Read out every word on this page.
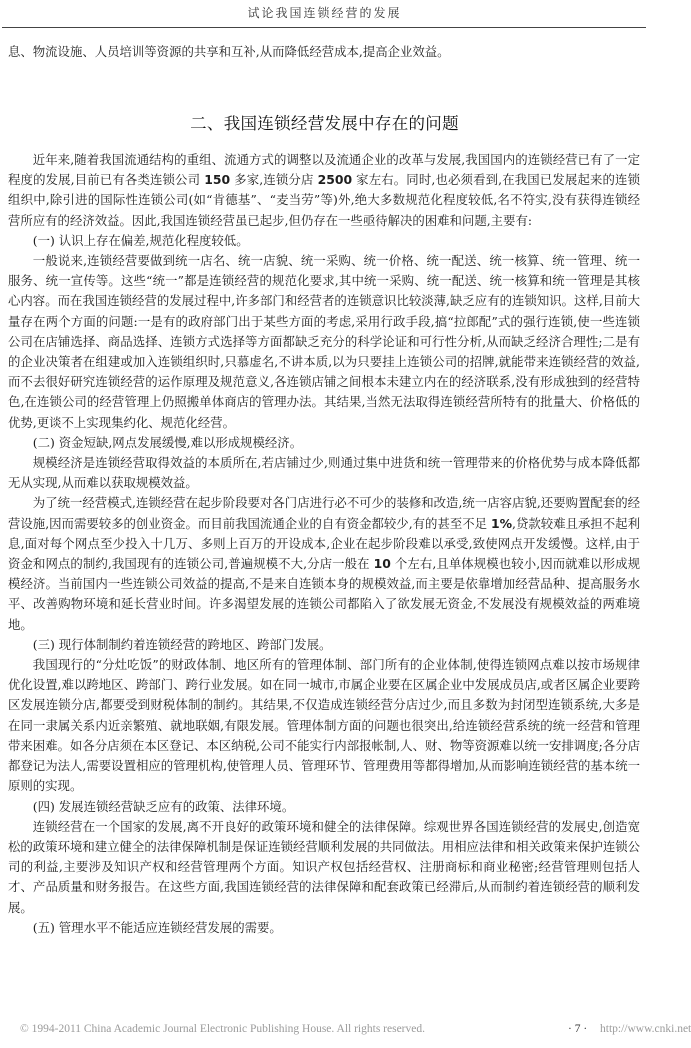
试论我国连锁经营的发展
息、物流设施、人员培训等资源的共享和互补,从而降低经营成本,提高企业效益。
二、我国连锁经营发展中存在的问题

近年来,随着我国流通结构的重组、流通方式的调整以及流通企业的改革与发展,我国国内的连锁经营已有了一定程度的发展,目前已有各类连锁公司 150 多家,连锁分店 2500 家左右。同时,也必须看到,在我国已发展起来的连锁组织中,除引进的国际性连锁公司(如“肯德基”、“麦当劳”等)外,绝大多数规范化程度较低,名不符实,没有获得连锁经营所应有的经济效益。因此,我国连锁经营虽已起步,但仍存在一些亟待解决的困难和问题,主要有:

(一) 认识上存在偏差,规范化程度较低。

一般说来,连锁经营要做到统一店名、统一店貌、统一采购、统一价格、统一配送、统一核算、统一管理、统一服务、统一宣传等。这些“统一”都是连锁经营的规范化要求,其中统一采购、统一配送、统一核算和统一管理是其核心内容。而在我国连锁经营的发展过程中,许多部门和经营者的连锁意识比较淡薄,缺乏应有的连锁知识。这样,目前大量存在两个方面的问题:一是有的政府部门出于某些方面的考虑,采用行政手段,搞“拉郎配”式的强行连锁,使一些连锁公司在店铺选择、商品选择、连锁方式选择等方面都缺乏充分的科学论证和可行性分析,从而缺乏经济合理性;二是有的企业决策者在组建或加入连锁组织时,只慕虚名,不讲本质,以为只要挂上连锁公司的招牌,就能带来连锁经营的效益,而不去很好研究连锁经营的运作原理及规范意义,各连锁店铺之间根本未建立内在的经济联系,没有形成独到的经营特色,在连锁公司的经营管理上仍照搬单体商店的管理办法。其结果,当然无法取得连锁经营所特有的批量大、价格低的优势,更谈不上实现集约化、规范化经营。

(二) 资金短缺,网点发展缓慢,难以形成规模经济。

规模经济是连锁经营取得效益的本质所在,若店铺过少,则通过集中进货和统一管理带来的价格优势与成本降低都无从实现,从而难以获取规模效益。

为了统一经营模式,连锁经营在起步阶段要对各门店进行必不可少的装修和改造,统一店容店貌,还要购置配套的经营设施,因而需要较多的创业资金。而目前我国流通企业的自有资金都较少,有的甚至不足 1%,贷款较难且承担不起利息,面对每个网点至少投入十几万、多则上百万的开设成本,企业在起步阶段难以承受,致使网点开发缓慢。这样,由于资金和网点的制约,我国现有的连锁公司,普遍规模不大,分店一般在 10 个左右,且单体规模也较小,因而就难以形成规模经济。当前国内一些连锁公司效益的提高,不是来自连锁本身的规模效益,而主要是依靠增加经营品种、提高服务水平、改善购物环境和延长营业时间。许多渴望发展的连锁公司都陷入了欲发展无资金,不发展没有规模效益的两难境地。

(三) 现行体制制约着连锁经营的跨地区、跨部门发展。

我国现行的“分灶吃饭”的财政体制、地区所有的管理体制、部门所有的企业体制,使得连锁网点难以按市场规律优化设置,难以跨地区、跨部门、跨行业发展。如在同一城市,市属企业要在区属企业中发展成员店,或者区属企业要跨区发展连锁分店,都要受到财税体制的制约。其结果,不仅造成连锁经营分店过少,而且多数为封闭型连锁系统,大多是在同一隶属关系内近亲繁殖、就地联姻,有限发展。管理体制方面的问题也很突出,给连锁经营系统的统一经营和管理带来困难。如各分店须在本区登记、本区纳税,公司不能实行内部报帐制,人、财、物等资源难以统一安排调度;各分店都登记为法人,需要设置相应的管理机构,使管理人员、管理环节、管理费用等都得增加,从而影响连锁经营的基本统一原则的实现。

(四) 发展连锁经营缺乏应有的政策、法律环境。

连锁经营在一个国家的发展,离不开良好的政策环境和健全的法律保障。综观世界各国连锁经营的发展史,创造宽松的政策环境和建立健全的法律保障机制是保证连锁经营顺利发展的共同做法。用相应法律和相关政策来保护连锁公司的利益,主要涉及知识产权和经营管理两个方面。知识产权包括经营权、注册商标和商业秘密;经营管理则包括人才、产品质量和财务报告。在这些方面,我国连锁经营的法律保障和配套政策已经滞后,从而制约着连锁经营的顺利发展。

(五) 管理水平不能适应连锁经营发展的需要。

© 1994-2011 China Academic Journal Electronic Publishing House. All rights reserved.	· 7 · http://www.cnki.net
